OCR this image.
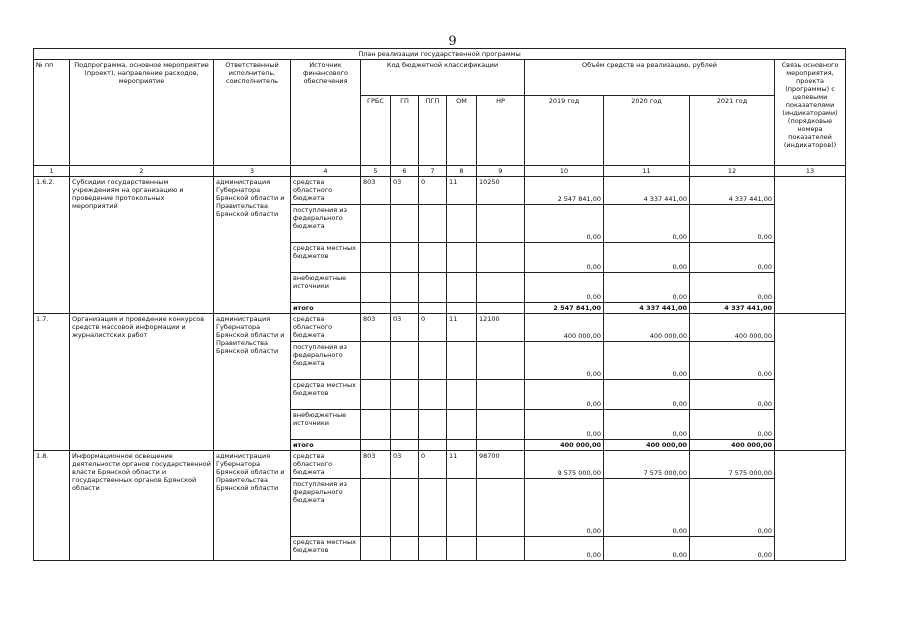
9
План реализации государственной программы												
№ пп	Подпрограмма, основное мероприятие (проект), направление расходов, мероприятие	Ответственный исполнитель, соисполнитель	Источник финансового обеспечения	Код бюджетной классификации					Объём средств на реализацию, рублей			Связь основного мероприятия, проекта (программы) с целевыми показателями (индикаторами) (порядковые номера показателей (индикаторов))
				ГРБС	ГП	ПГП	ОМ	НР	2019 год	2020 год	2021 год	
1	2	3	4	5	6	7	8	9	10	11	12	13
1.6.2.	Субсидии государственным учреждениям на организацию и проведение протокольных мероприятий	администрация Губернатора Брянской области и Правительства Брянской области	средства областного бюджета	803	03	0	11	10250	2 547 841,00	4 337 441,00	4 337 441,00	
			поступления из федерального бюджета						0,00	0,00	0,00	
			средства местных бюджетов						0,00	0,00	0,00	
			внебюджетные источники						0,00	0,00	0,00	
			итого						2 547 841,00	4 337 441,00	4 337 441,00	
1.7.	Организация и проведение конкурсов средств массовой информации и журналистских работ	администрация Губернатора Брянской области и Правительства Брянской области	средства областного бюджета	803	03	0	11	12100	400 000,00	400 000,00	400 000,00	
			поступления из федерального бюджета						0,00	0,00	0,00	
			средства местных бюджетов						0,00	0,00	0,00	
			внебюджетные источники						0,00	0,00	0,00	
			итого						400 000,00	400 000,00	400 000,00	
1.8.	Информационное освещение деятельности органов государственной власти Брянской области и государственных органов Брянской области	администрация Губернатора Брянской области и Правительства Брянской области	средства областного бюджета	803	03	0	11	98700	9 575 000,00	7 575 000,00	7 575 000,00	
			поступления из федерального бюджета						0,00	0,00	0,00	
			средства местных бюджетов						0,00	0,00	0,00	
